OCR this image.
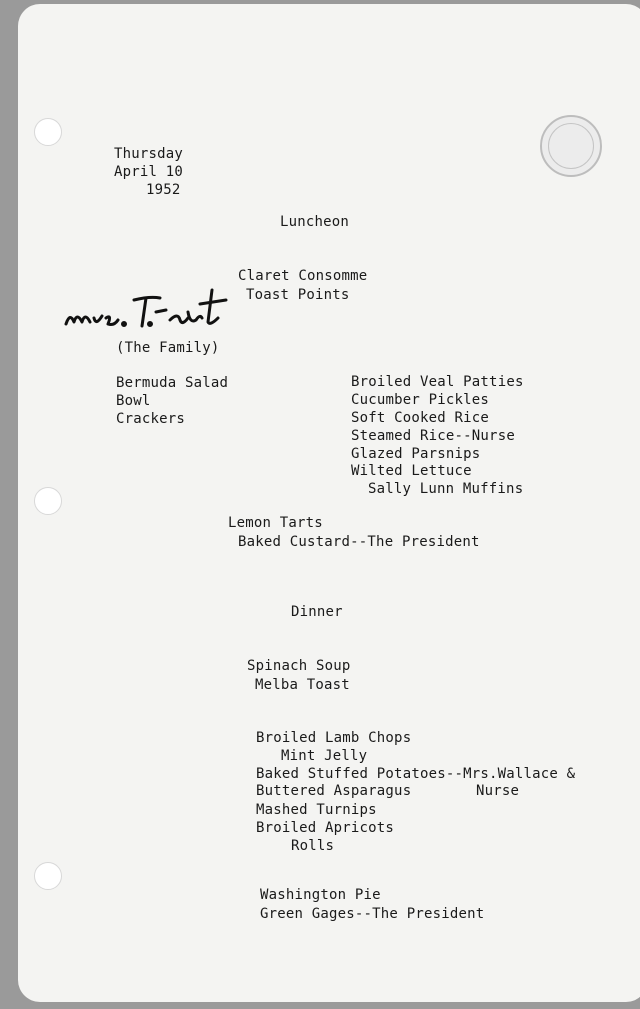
Thursday
April 10
1952
Luncheon
Claret Consomme
Toast Points
(The Family)
Bermuda Salad
Bowl
Crackers
Broiled Veal Patties
Cucumber Pickles
Soft Cooked Rice
Steamed Rice--Nurse
Glazed Parsnips
Wilted Lettuce
Sally Lunn Muffins
Lemon Tarts
Baked Custard--The President
Dinner
Spinach Soup
Melba Toast
Broiled Lamb Chops
Mint Jelly
Baked Stuffed Potatoes--Mrs.Wallace &
Buttered Asparagus	Nurse
Mashed Turnips
Broiled Apricots
Rolls
Washington Pie
Green Gages--The President
